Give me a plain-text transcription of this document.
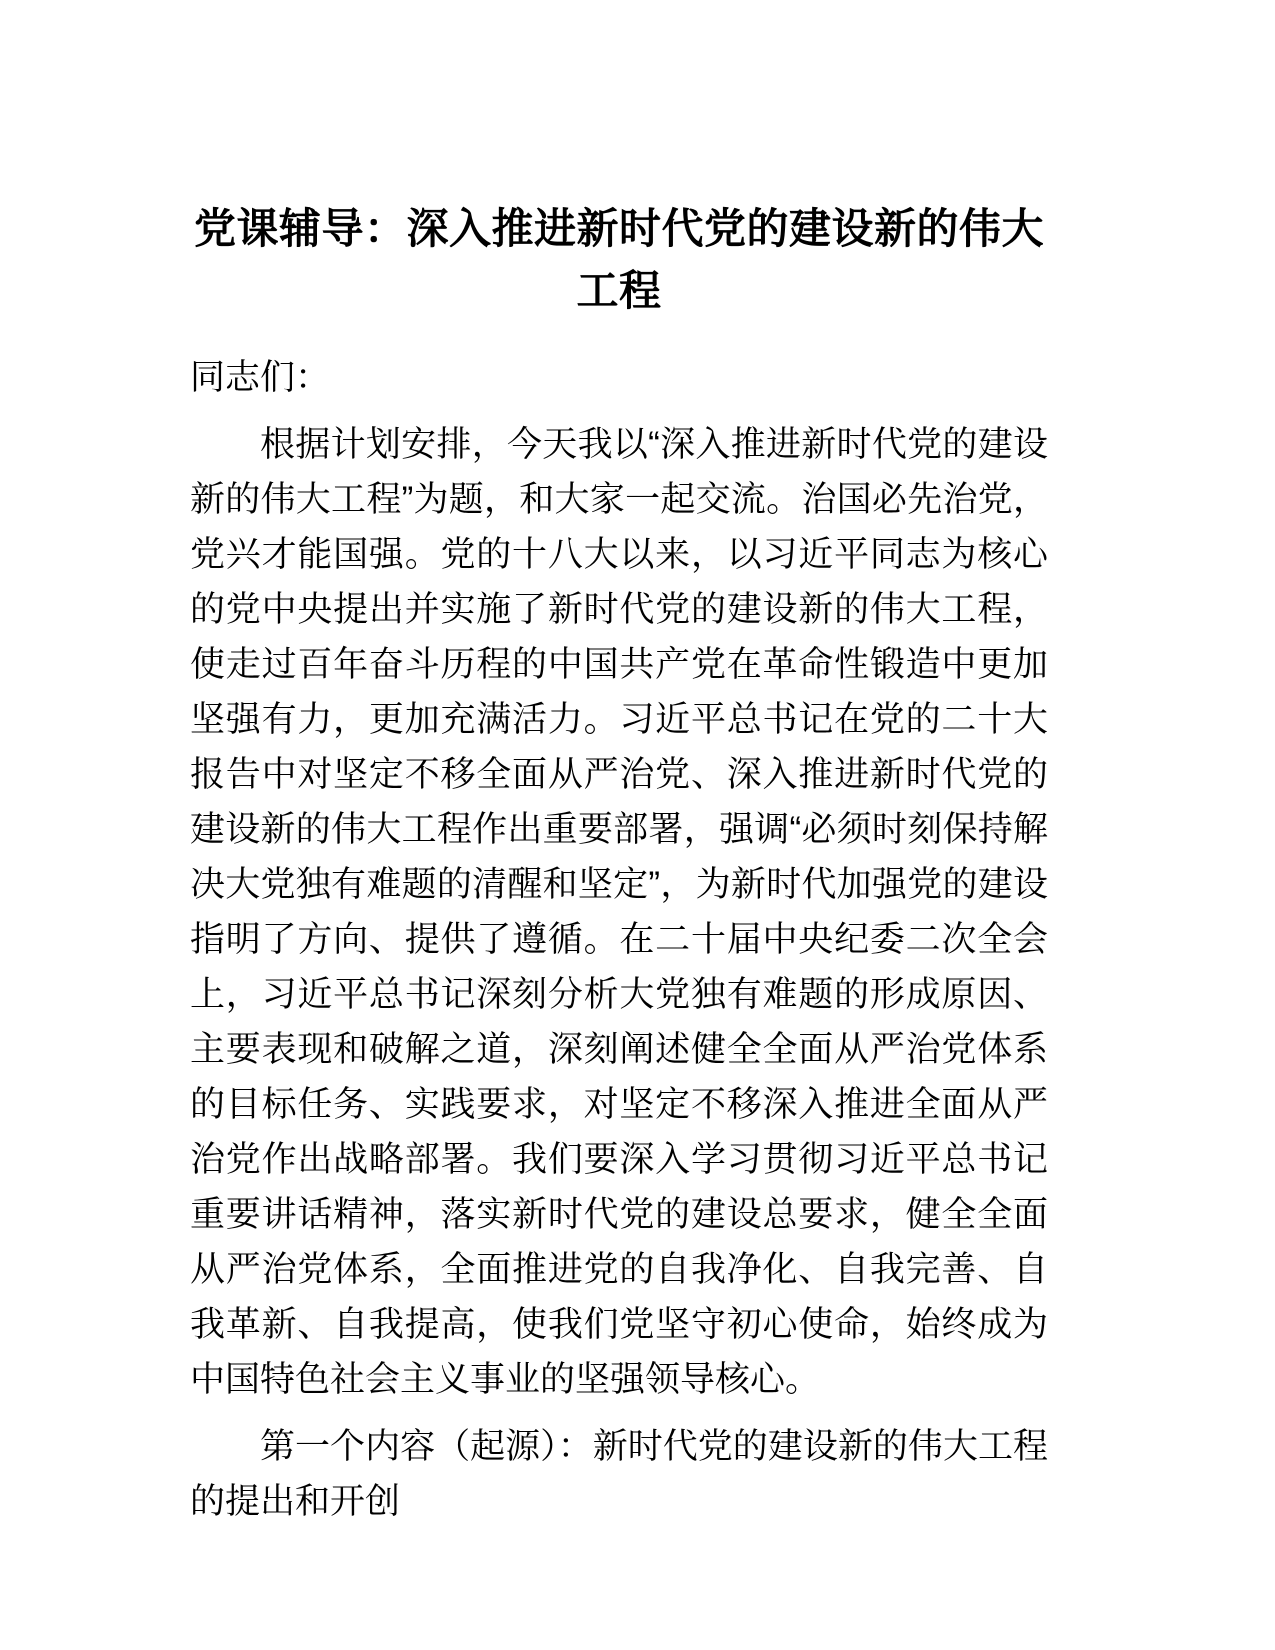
党课辅导：深入推进新时代党的建设新的伟大工程

同志们：

根据计划安排，今天我以“深入推进新时代党的建设新的伟大工程”为题，和大家一起交流。治国必先治党，党兴才能国强。党的十八大以来，以习近平同志为核心的党中央提出并实施了新时代党的建设新的伟大工程，使走过百年奋斗历程的中国共产党在革命性锻造中更加坚强有力，更加充满活力。习近平总书记在党的二十大报告中对坚定不移全面从严治党、深入推进新时代党的建设新的伟大工程作出重要部署，强调“必须时刻保持解决大党独有难题的清醒和坚定”，为新时代加强党的建设指明了方向、提供了遵循。在二十届中央纪委二次全会上，习近平总书记深刻分析大党独有难题的形成原因、主要表现和破解之道，深刻阐述健全全面从严治党体系的目标任务、实践要求，对坚定不移深入推进全面从严治党作出战略部署。我们要深入学习贯彻习近平总书记重要讲话精神，落实新时代党的建设总要求，健全全面从严治党体系，全面推进党的自我净化、自我完善、自我革新、自我提高，使我们党坚守初心使命，始终成为中国特色社会主义事业的坚强领导核心。

第一个内容（起源）：新时代党的建设新的伟大工程的提出和开创
